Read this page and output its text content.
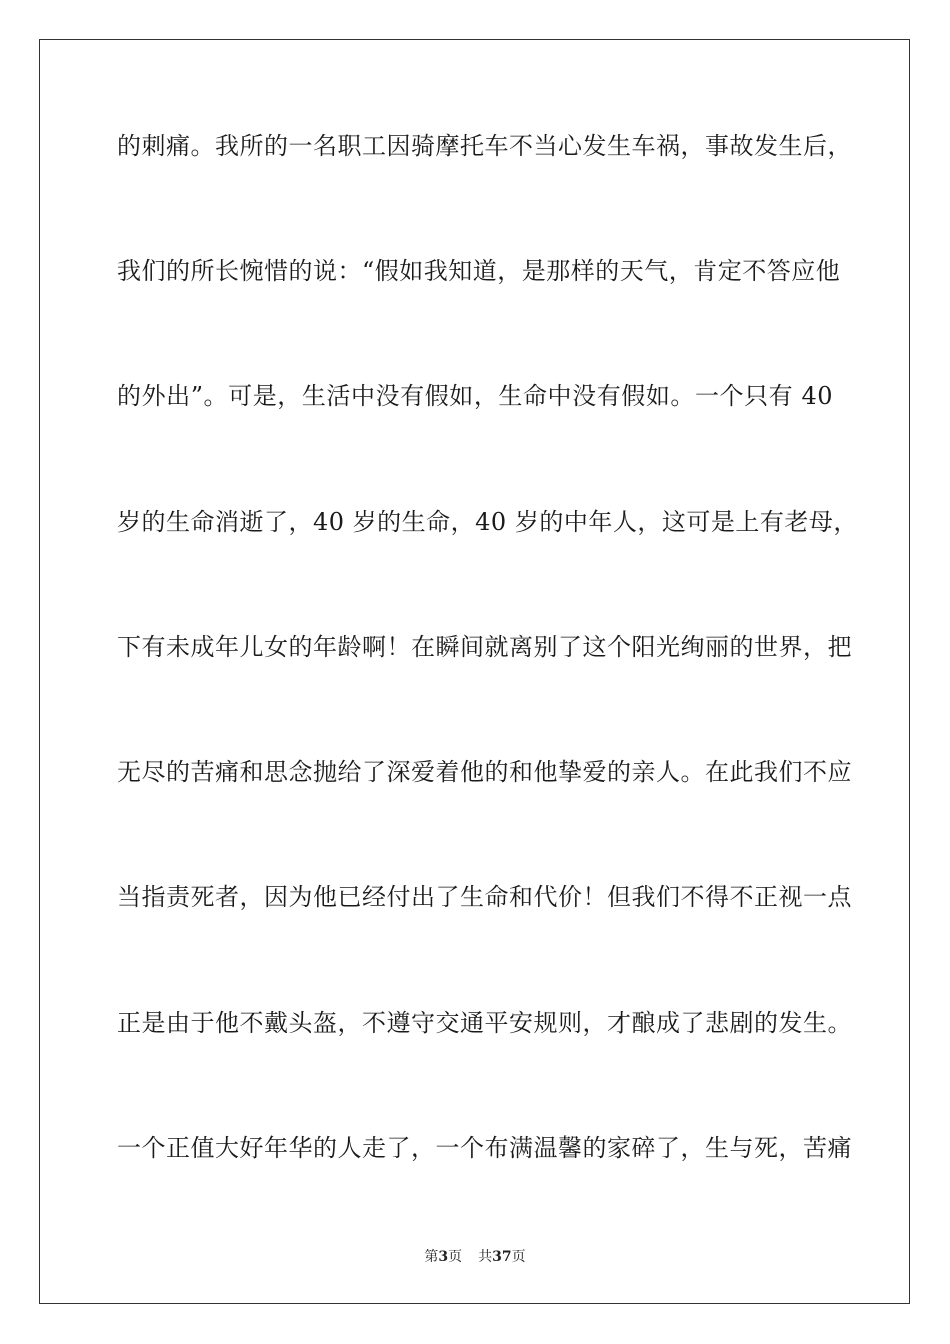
的刺痛。我所的一名职工因骑摩托车不当心发生车祸，事故发生后，
我们的所长惋惜的说：“假如我知道，是那样的天气，肯定不答应他
的外出”。可是，生活中没有假如，生命中没有假如。一个只有 40
岁的生命消逝了，40 岁的生命，40 岁的中年人，这可是上有老母，
下有未成年儿女的年龄啊！在瞬间就离别了这个阳光绚丽的世界，把
无尽的苦痛和思念抛给了深爱着他的和他挚爱的亲人。在此我们不应
当指责死者，因为他已经付出了生命和代价！但我们不得不正视一点
正是由于他不戴头盔，不遵守交通平安规则，才酿成了悲剧的发生。
一个正值大好年华的人走了，一个布满温馨的家碎了，生与死，苦痛
第3页 共37页
